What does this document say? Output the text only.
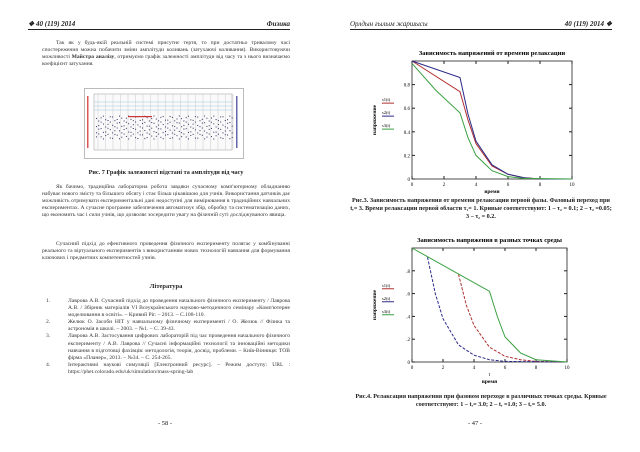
❖ 40 (119) 2014	Физика
Так як у будь-якій реальній системі присутнє тертя, то при достатньо тривалому часі спостереження можна побачити зміни амплітуди коливань (затухаючі коливання). Використовуючи можливості Майстра аналізу, отримуємо графік залежності амплітуди від часу та з нього визначаємо коефіцієнт затухання.
Рис. 7 Графік залежності відстані та амплітуди від часу
Як бачимо, традиційна лабораторна робота завдяки сучасному комп'ютерному обладнанню набуває нового змісту та більшого обсягу і стає більш цікавішою для учнів. Використання датчиків дає можливість отримувати експериментальні дані недоступні для вимірювання в традиційних навчальних експериментах. А сучасне програмне забезпечення автоматизує збір, обробку та систематизацію даних, що економить час і сили учнів, що дозволяє зосередити увагу на фізичній суті досліджуваного явища.
Сучасний підхід до ефективного проведення фізичного експерименту полягає у комбінуванні реального та віртуального експериментів з використанням нових технологій навчання для формування ключових і предметних компетентностей учнів.
Література
1.	Лаврова А.В. Сучасний підхід до проведення начального фізичного експерименту / Лаврова А.В. / Збірник матеріалів VI Всеукраїнського науково-методичного семінару «Комп'ютерне моделювання в освіті». – Кривий Ріг. – 2013. – С.108-110.
2.	Желюк О. Засоби НІТ у навчальному фізичному експерименті / О. Желюк // Фізика та астрономія в школі. – 2003. – №1. – С. 39-43.
3.	Лаврова А.В. Застосування цифрових лабораторій під час проведення начального фізичного експерименту / А.В. Лаврова // Сучасні інформаційні технології та інноваційні методики навчання в підготовці фахівців: методологія, теорія, досвід, проблеми. – Київ-Вінниця: ТОВ фірма «Планер», 2013. – №34. – С. 254-265.
4.	Інтерактивні наукові симуляції [Електронний ресурс]. – Режим доступу: URL : https://phet.colorado.edu/uk/simulation/mass-spring-lab
- 58 -
Орлдын ғылым жаршысы	40 (119) 2014 ❖
Зависимость напряжений от времени релаксации
0	2	4	6	8	10
0
0.2
0.4
0.6
0.8
напряжение
время
s1(t)
s2(t)
s3(t)
Рис.3. Зависимость напряжения от времени релаксации первой фазы. Фазовый переход при tᵣ= 3. Время релаксации первой области τ₁= 1. Кривые соответствуют: 1 – τ₂ = 0.1; 2 – τ₂ =0.05; 3 – τ₂ = 0.2.
Зависимость напряжения в разных точках среды
0	2	4	6	8	10
0
.2
.4
.6
.8
напряжение
t
время
s1(t)
s2(t)
s3(t)
Рис.4. Релаксация напряжения при фазовом переходе в различных точках среды. Кривые соответствуют: 1 – tᵣ= 3.0; 2 – tᵣ =1.0; 3 – tᵣ= 5.0.
- 47 -
